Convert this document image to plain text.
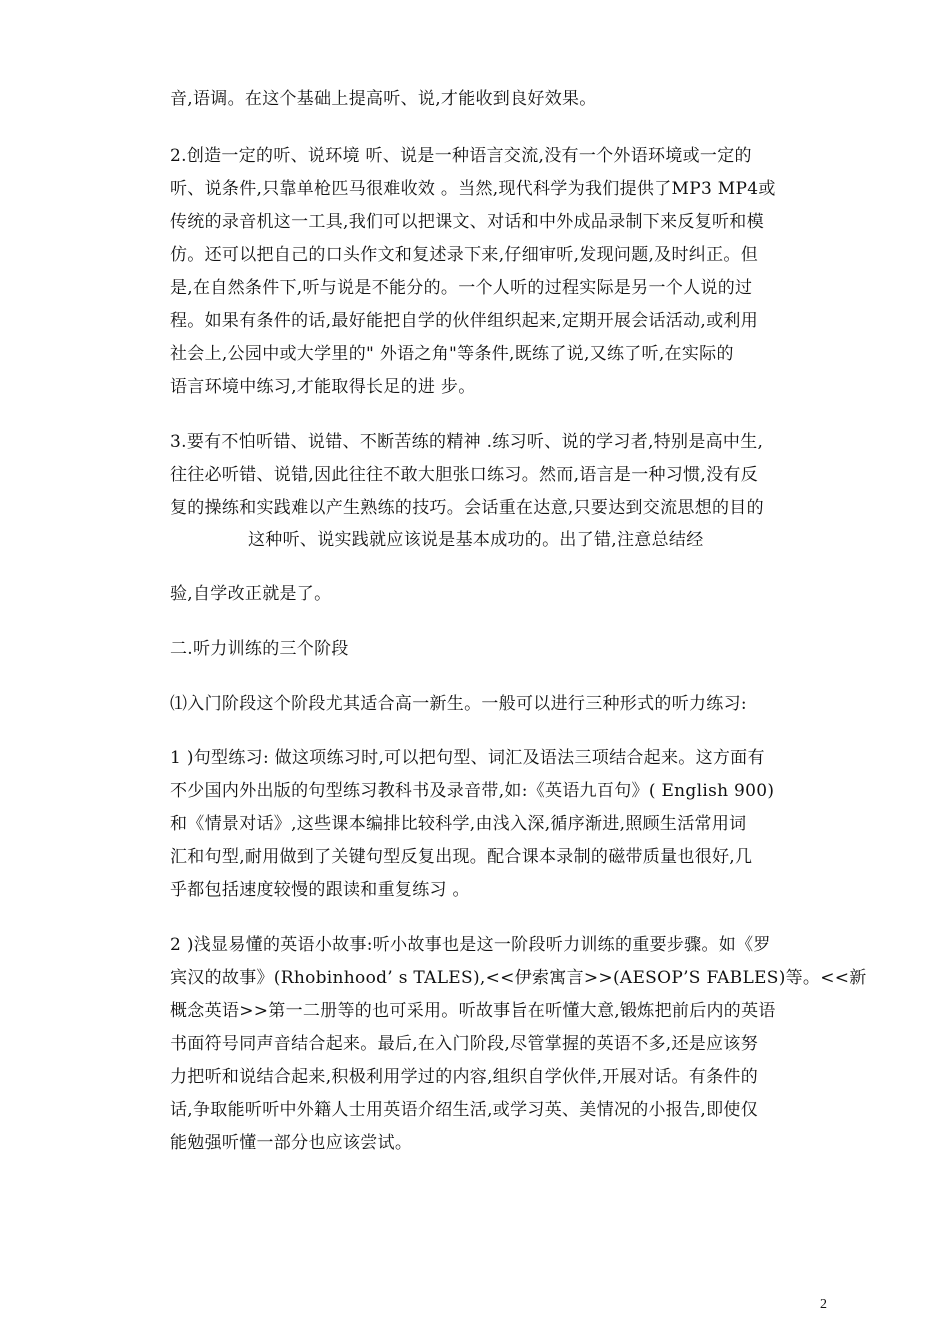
音,语调。在这个基础上提高听、说,才能收到良好效果。
2.创造一定的听、说环境 听、说是一种语言交流,没有一个外语环境或一定的
听、说条件,只靠单枪匹马很难收效 。当然,现代科学为我们提供了MP3 MP4或
传统的录音机这一工具,我们可以把课文、对话和中外成品录制下来反复听和模
仿。还可以把自己的口头作文和复述录下来,仔细审听,发现问题,及时纠正。但
是,在自然条件下,听与说是不能分的。一个人听的过程实际是另一个人说的过
程。如果有条件的话,最好能把自学的伙伴组织起来,定期开展会话活动,或利用
社会上,公园中或大学里的" 外语之角"等条件,既练了说,又练了听,在实际的
语言环境中练习,才能取得长足的进 步。
3.要有不怕听错、说错、不断苦练的精神 .练习听、说的学习者,特别是高中生,
往往必听错、说错,因此往往不敢大胆张口练习。然而,语言是一种习惯,没有反
复的操练和实践难以产生熟练的技巧。会话重在达意,只要达到交流思想的目的
这种听、说实践就应该说是基本成功的。出了错,注意总结经
验,自学改正就是了。
二.听力训练的三个阶段
⑴入门阶段这个阶段尤其适合高一新生。一般可以进行三种形式的听力练习:
1 )句型练习: 做这项练习时,可以把句型、词汇及语法三项结合起来。这方面有
不少国内外出版的句型练习教科书及录音带,如:《英语九百句》( English 900)
和《情景对话》,这些课本编排比较科学,由浅入深,循序渐进,照顾生活常用词
汇和句型,耐用做到了关键句型反复出现。配合课本录制的磁带质量也很好,几
乎都包括速度较慢的跟读和重复练习 。
2 )浅显易懂的英语小故事:听小故事也是这一阶段听力训练的重要步骤。如《罗
宾汉的故事》(Rhobinhood’ s TALES),<<伊索寓言>>(AESOP’S FABLES)等。<<新
概念英语>>第一二册等的也可采用。听故事旨在听懂大意,锻炼把前后内的英语
书面符号同声音结合起来。最后,在入门阶段,尽管掌握的英语不多,还是应该努
力把听和说结合起来,积极利用学过的内容,组织自学伙伴,开展对话。有条件的
话,争取能听听中外籍人士用英语介绍生活,或学习英、美情况的小报告,即使仅
能勉强听懂一部分也应该尝试。
2
